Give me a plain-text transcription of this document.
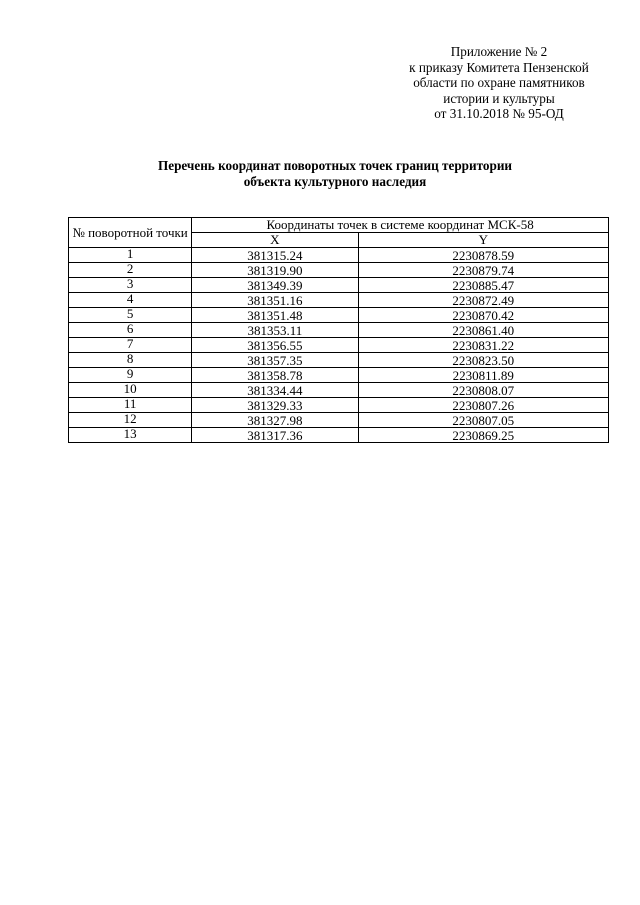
Приложение № 2
к приказу Комитета Пензенской
области по охране памятников
истории и культуры
от 31.10.2018 № 95-ОД
Перечень координат поворотных точек границ территории
объекта культурного наследия
№ поворотной точки	Координаты точек в системе координат МСК-58	
	X	Y
1	381315.24	2230878.59
2	381319.90	2230879.74
3	381349.39	2230885.47
4	381351.16	2230872.49
5	381351.48	2230870.42
6	381353.11	2230861.40
7	381356.55	2230831.22
8	381357.35	2230823.50
9	381358.78	2230811.89
10	381334.44	2230808.07
11	381329.33	2230807.26
12	381327.98	2230807.05
13	381317.36	2230869.25
